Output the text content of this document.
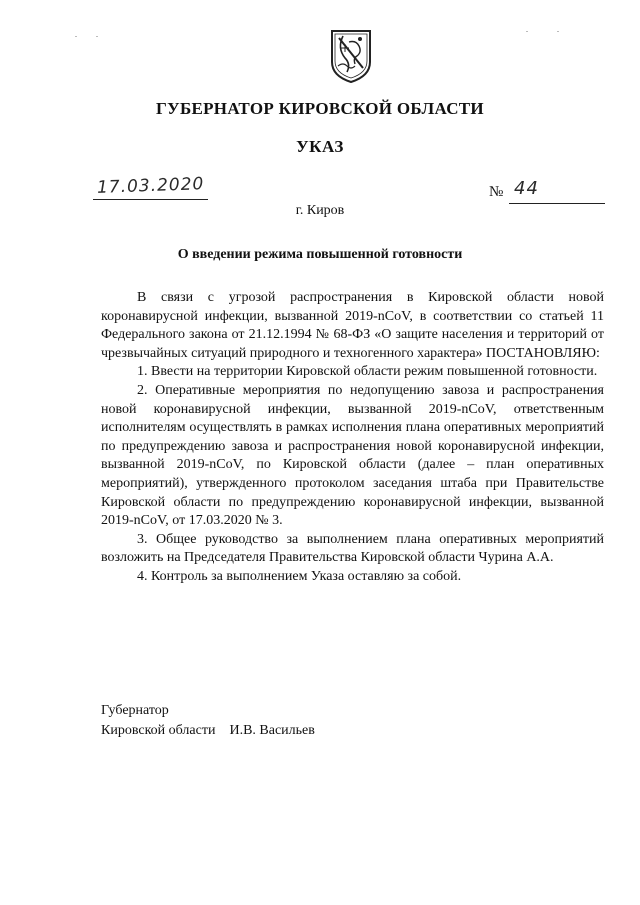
ГУБЕРНАТОР КИРОВСКОЙ ОБЛАСТИ
УКАЗ
17.03.2020	№ 44
г. Киров
О введении режима повышенной готовности

В связи с угрозой распространения в Кировской области новой коронавирусной инфекции, вызванной 2019-nCoV, в соответствии со статьей 11 Федерального закона от 21.12.1994 № 68-ФЗ «О защите населения и территорий от чрезвычайных ситуаций природного и техногенного характера» ПОСТАНОВЛЯЮ:

1. Ввести на территории Кировской области режим повышенной готовности.

2. Оперативные мероприятия по недопущению завоза и распространения новой коронавирусной инфекции, вызванной 2019-nCoV, ответственным исполнителям осуществлять в рамках исполнения плана оперативных мероприятий по предупреждению завоза и распространения новой коронавирусной инфекции, вызванной 2019-nCoV, по Кировской области (далее – план оперативных мероприятий), утвержденного протоколом заседания штаба при Правительстве Кировской области по предупреждению коронавирусной инфекции, вызванной 2019-nCoV, от 17.03.2020 № 3.

3. Общее руководство за выполнением плана оперативных мероприятий возложить на Председателя Правительства Кировской области Чурина А.А.

4. Контроль за выполнением Указа оставляю за собой.

Губернатор
Кировской области И.В. Васильев
